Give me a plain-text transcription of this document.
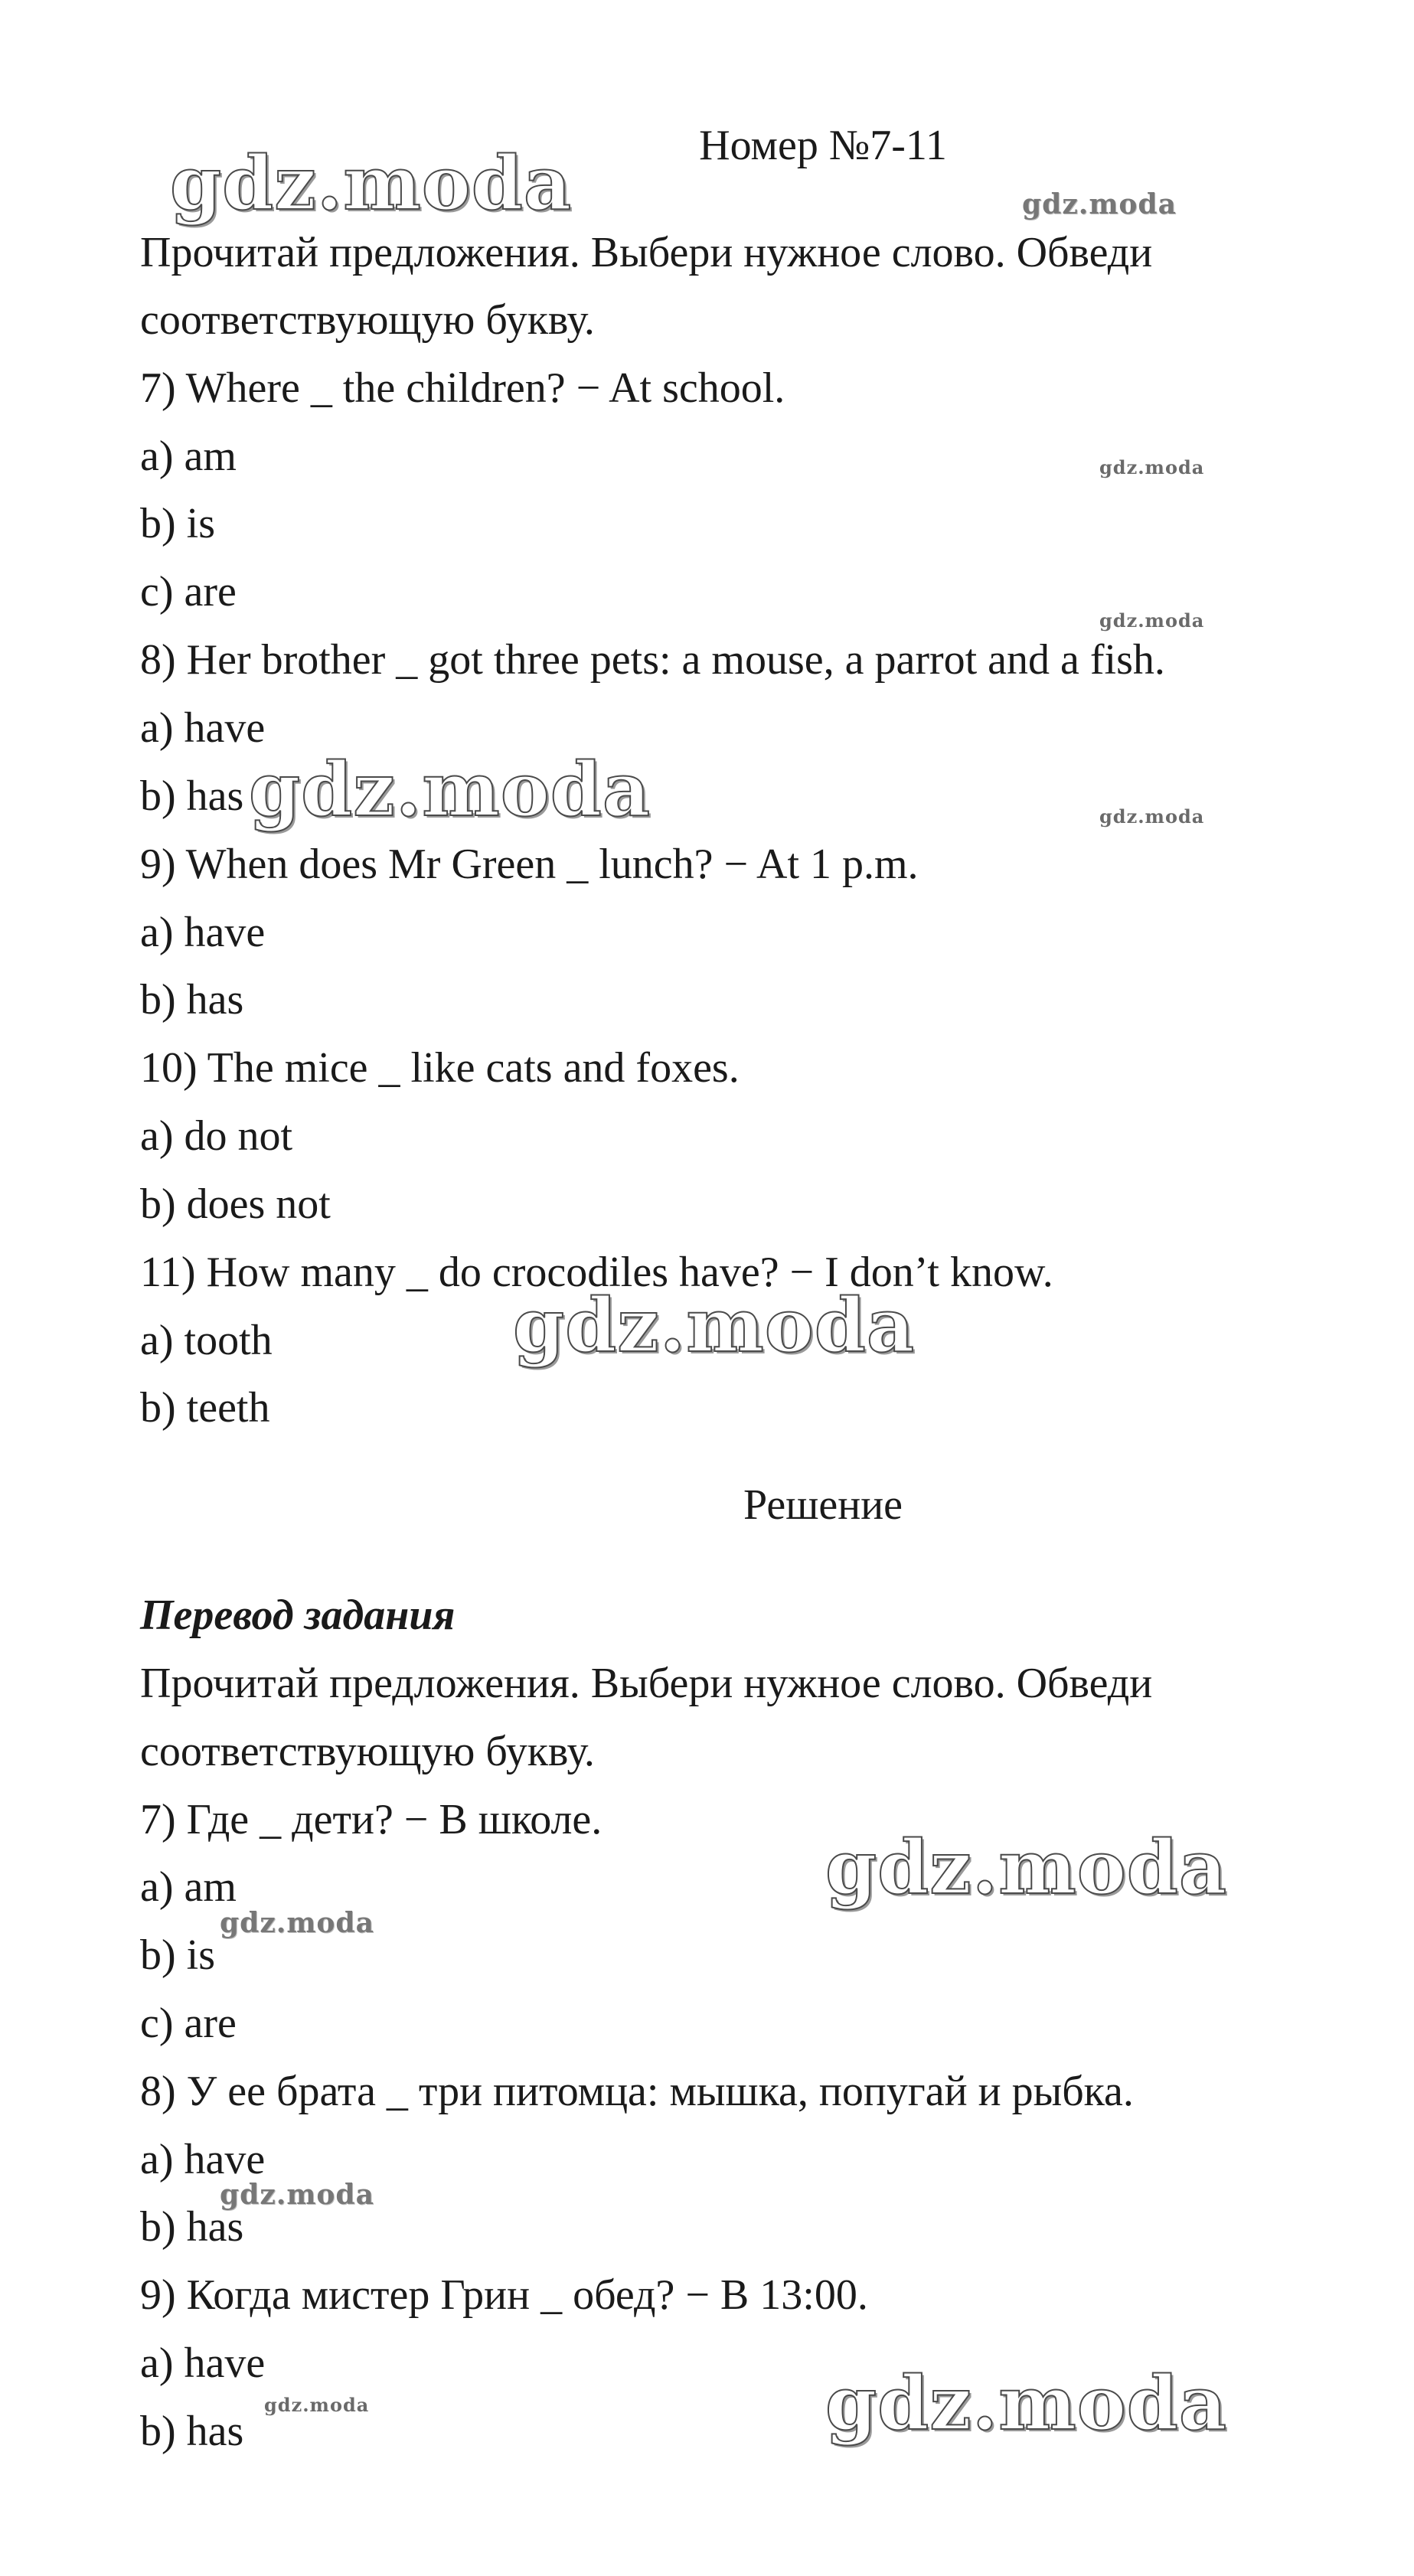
Номер №7-11
Прочитай предложения. Выбери нужное слово. Обведи
соответствующую букву.
7) Where _ the children? − At school.
a) am
b) is
c) are
8) Her brother _ got three pets: a mouse, a parrot and a fish.
a) have
b) has
9) When does Mr Green _ lunch? − At 1 p.m.
a) have
b) has
10) The mice _ like cats and foxes.
a) do not
b) does not
11) How many _ do crocodiles have? − I don’t know.
a) tooth
b) teeth
Решение
Перевод задания
Прочитай предложения. Выбери нужное слово. Обведи
соответствующую букву.
7) Где _ дети? − В школе.
a) am
b) is
c) are
8) У ее брата _ три питомца: мышка, попугай и рыбка.
a) have
b) has
9) Когда мистер Грин _ обед? − В 13:00.
a) have
b) has
gdz.moda	gdz.moda
gdz.moda
gdz.moda
gdz.moda	gdz.moda
gdz.moda
gdz.moda
gdz.moda
gdz.moda
gdz.moda
gdz.moda
